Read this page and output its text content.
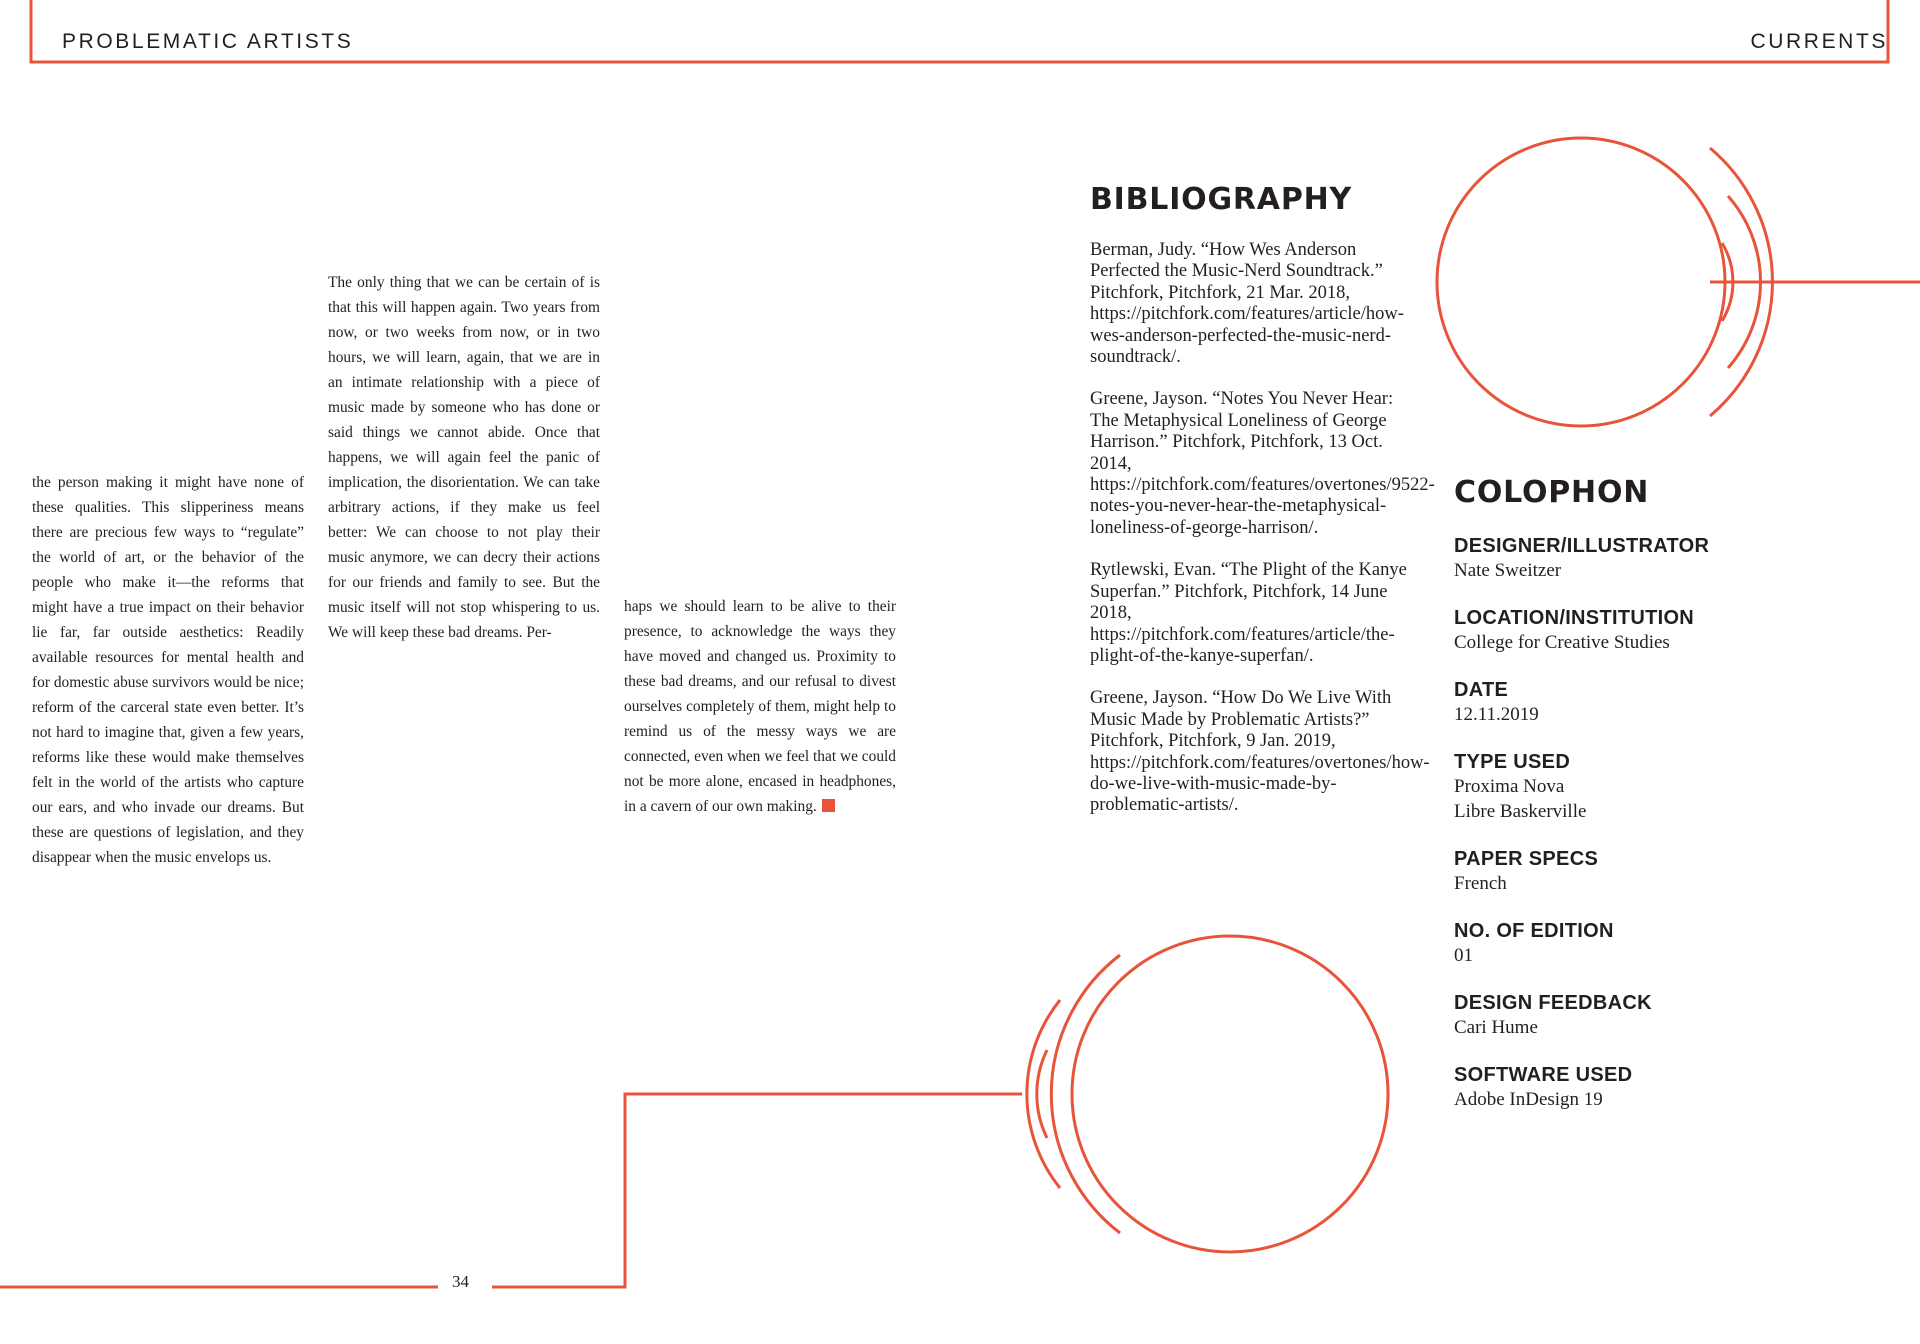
PROBLEMATIC ARTISTS	CURRENTS
the person making it might have none of these qualities. This slipperiness means there are precious few ways to “regulate” the world of art, or the behavior of the people who make it—the reforms that might have a true impact on their behavior lie far, far outside aesthetics: Readily available resources for mental health and for domestic abuse survivors would be nice; reform of the carceral state even better. It’s not hard to imagine that, given a few years, reforms like these would make themselves felt in the world of the artists who capture our ears, and who invade our dreams. But these are questions of legislation, and they disappear when the music envelops us.
The only thing that we can be certain of is that this will happen again. Two years from now, or two weeks from now, or in two hours, we will learn, again, that we are in an intimate relationship with a piece of music made by someone who has done or said things we cannot abide. Once that happens, we will again feel the panic of implication, the disorientation. We can take arbitrary actions, if they make us feel better: We can choose to not play their music anymore, we can decry their actions for our friends and family to see. But the music itself will not stop whispering to us. We will keep these bad dreams. Per-
haps we should learn to be alive to their presence, to acknowledge the ways they have moved and changed us. Proximity to these bad dreams, and our refusal to divest ourselves completely of them, might help to remind us of the messy ways we are connected, even when we feel that we could not be more alone, encased in headphones, in a cavern of our own making.
34
BIBLIOGRAPHY

Berman, Judy. “How Wes Anderson Perfected the Music-Nerd Soundtrack.” Pitchfork, Pitchfork, 21 Mar. 2018, https://pitchfork.com/features/article/how-wes-anderson-perfected-the-music-nerd-soundtrack/.

Greene, Jayson. “Notes You Never Hear: The Metaphysical Loneliness of George Harrison.” Pitchfork, Pitchfork, 13 Oct. 2014, https://pitchfork.com/features/overtones/9522-notes-you-never-hear-the-metaphysical-loneliness-of-george-harrison/.

Rytlewski, Evan. “The Plight of the Kanye Superfan.” Pitchfork, Pitchfork, 14 June 2018, https://pitchfork.com/features/article/the-plight-of-the-kanye-superfan/.

Greene, Jayson. “How Do We Live With Music Made by Problematic Artists?” Pitchfork, Pitchfork, 9 Jan. 2019, https://pitchfork.com/features/overtones/how-do-we-live-with-music-made-by-problematic-artists/.

COLOPHON
DESIGNER/ILLUSTRATOR
Nate Sweitzer
LOCATION/INSTITUTION
College for Creative Studies
DATE
12.11.2019
TYPE USED
Proxima Nova
Libre Baskerville
PAPER SPECS
French
NO. OF EDITION
01
DESIGN FEEDBACK
Cari Hume
SOFTWARE USED
Adobe InDesign 19
